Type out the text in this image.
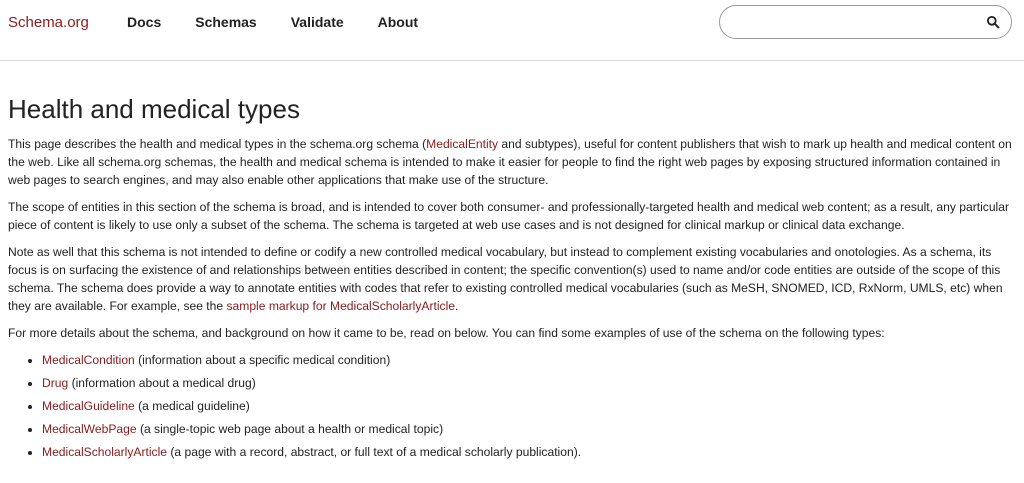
Schema.org	Docs Schemas Validate About
Health and medical types

This page describes the health and medical types in the schema.org schema (MedicalEntity and subtypes), useful for content publishers that wish to mark up health and medical content on the web. Like all schema.org schemas, the health and medical schema is intended to make it easier for people to find the right web pages by exposing structured information contained in web pages to search engines, and may also enable other applications that make use of the structure.

The scope of entities in this section of the schema is broad, and is intended to cover both consumer- and professionally-targeted health and medical web content; as a result, any particular piece of content is likely to use only a subset of the schema. The schema is targeted at web use cases and is not designed for clinical markup or clinical data exchange.

Note as well that this schema is not intended to define or codify a new controlled medical vocabulary, but instead to complement existing vocabularies and onotologies. As a schema, its focus is on surfacing the existence of and relationships between entities described in content; the specific convention(s) used to name and/or code entities are outside of the scope of this schema. The schema does provide a way to annotate entities with codes that refer to existing controlled medical vocabularies (such as MeSH, SNOMED, ICD, RxNorm, UMLS, etc) when they are available. For example, see the sample markup for MedicalScholarlyArticle.

For more details about the schema, and background on how it came to be, read on below. You can find some examples of use of the schema on the following types:

• MedicalCondition (information about a specific medical condition)
• Drug (information about a medical drug)
• MedicalGuideline (a medical guideline)
• MedicalWebPage (a single-topic web page about a health or medical topic)
• MedicalScholarlyArticle (a page with a record, abstract, or full text of a medical scholarly publication).
